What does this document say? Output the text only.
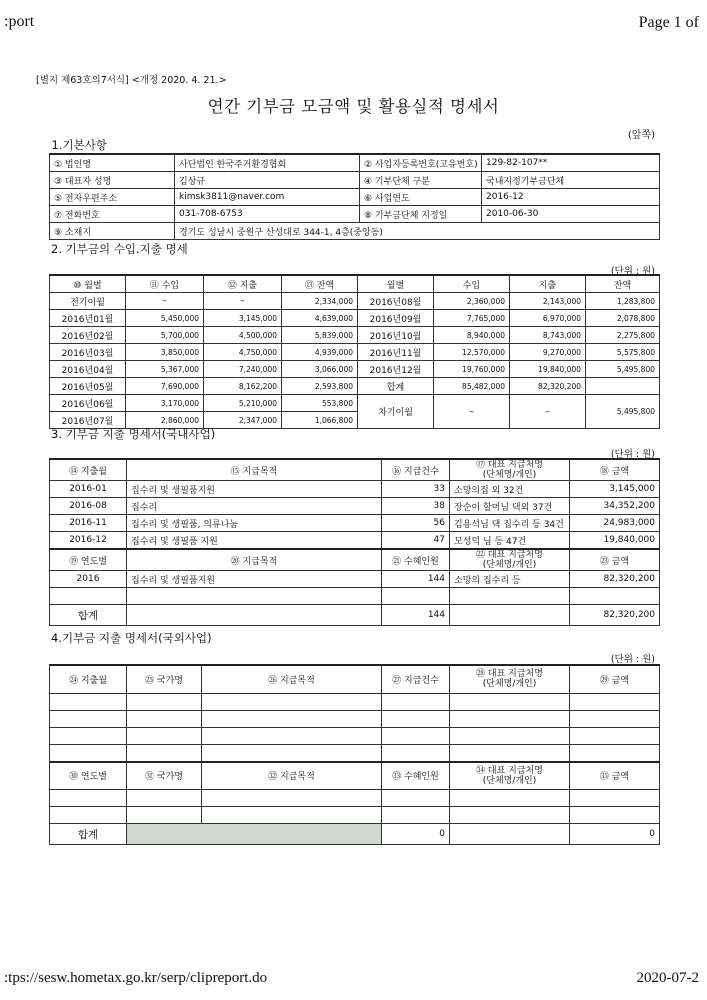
:port	Page 1 of
[별지 제63호의7서식] <개정 2020. 4. 21.>
연간 기부금 모금액 및 활용실적 명세서
(앞쪽)
1.기본사항			
① 법인명	사단법인 한국주거환경협회	② 사업자등록번호(고유번호)	129-82-107**
③ 대표자 성명	김상규	④ 기부단체 구분	국내지정기부금단체
⑤ 전자우편주소	kimsk3811@naver.com	⑥ 사업연도	2016-12
⑦ 전화번호	031-708-6753	⑧ 기부금단체 지정일	2010-06-30
⑨ 소재지	경기도 성남시 중원구 산성대로 344-1, 4층(중앙동)		
2. 기부금의 수입.지출 명세
(단위 : 원)
⑩ 월별	⑪ 수입	⑫ 지출	⑬ 잔액	월별	수입	지출	잔액
전기이월	–	–	2,334,000	2016년08월	2,360,000	2,143,000	1,283,800
2016년01월	5,450,000	3,145,000	4,639,000	2016년09월	7,765,000	6,970,000	2,078,800
2016년02월	5,700,000	4,500,000	5,839,000	2016년10월	8,940,000	8,743,000	2,275,800
2016년03월	3,850,000	4,750,000	4,939,000	2016년11월	12,570,000	9,270,000	5,575,800
2016년04월	5,367,000	7,240,000	3,066,000	2016년12월	19,760,000	19,840,000	5,495,800
2016년05월	7,690,000	8,162,200	2,593,800	합계	85,482,000	82,320,200	
2016년06월	3,170,000	5,210,000	553,800	차기이월	–	–	5,495,800
2016년07월	2,860,000	2,347,000	1,066,800				
3. 기부금 지출 명세서(국내사업)
(단위 : 원)
⑭ 지출월	⑮ 지급목적	⑯ 지급건수	⑰ 대표 지급처명
(단체명/개인)	⑱ 금액
2016-01	집수리 및 생필품지원	33	소망의집 외 32건	3,145,000
2016-08	집수리	38	장순이 할머님 댁외 37건	34,352,200
2016-11	집수리 및 생필품, 의류나눔	56	김용석님 댁 집수리 등 34건	24,983,000
2016-12	집수리 및 생필품 지원	47	모성덕 님 등 47건	19,840,000
⑲ 연도별	⑳ 지급목적	㉑ 수혜인원	㉒ 대표 지급처명
(단체명/개인)	㉓ 금액
2016	집수리 및 생필품지원	144	소망의 집수리 등	82,320,200

합계		144		82,320,200
4.기부금 지출 명세서(국외사업)
(단위 : 원)
㉔ 지출월	㉕ 국가명	㉖ 지급목적	㉗ 지급건수	㉘ 대표 지급처명
(단체명/개인)	㉙ 금액

㉚ 연도별	㉛ 국가명	㉜ 지급목적	㉝ 수혜인원	㉞ 대표 지급처명
(단체명/개인)	㉟ 금액

합계			0		0
:tps://sesw.hometax.go.kr/serp/clipreport.do	2020-07-2
